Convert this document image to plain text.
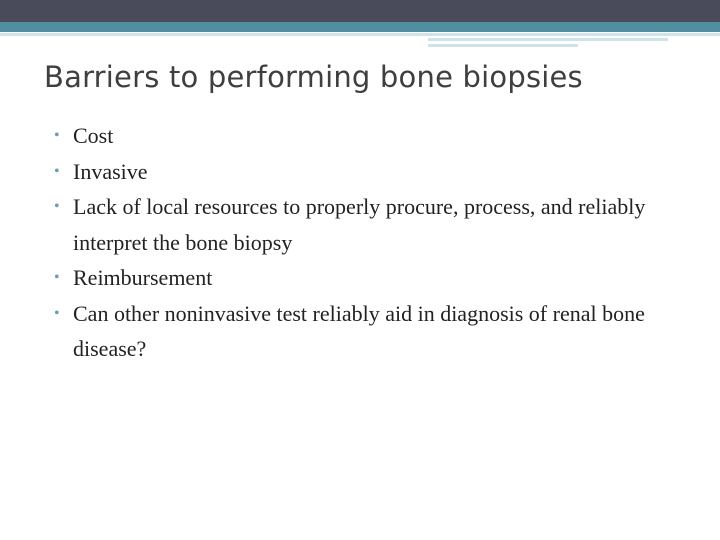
Barriers to performing bone biopsies
• Cost
• Invasive
• Lack of local resources to properly procure, process, and reliably interpret the bone biopsy
• Reimbursement
• Can other noninvasive test reliably aid in diagnosis of renal bone disease?
